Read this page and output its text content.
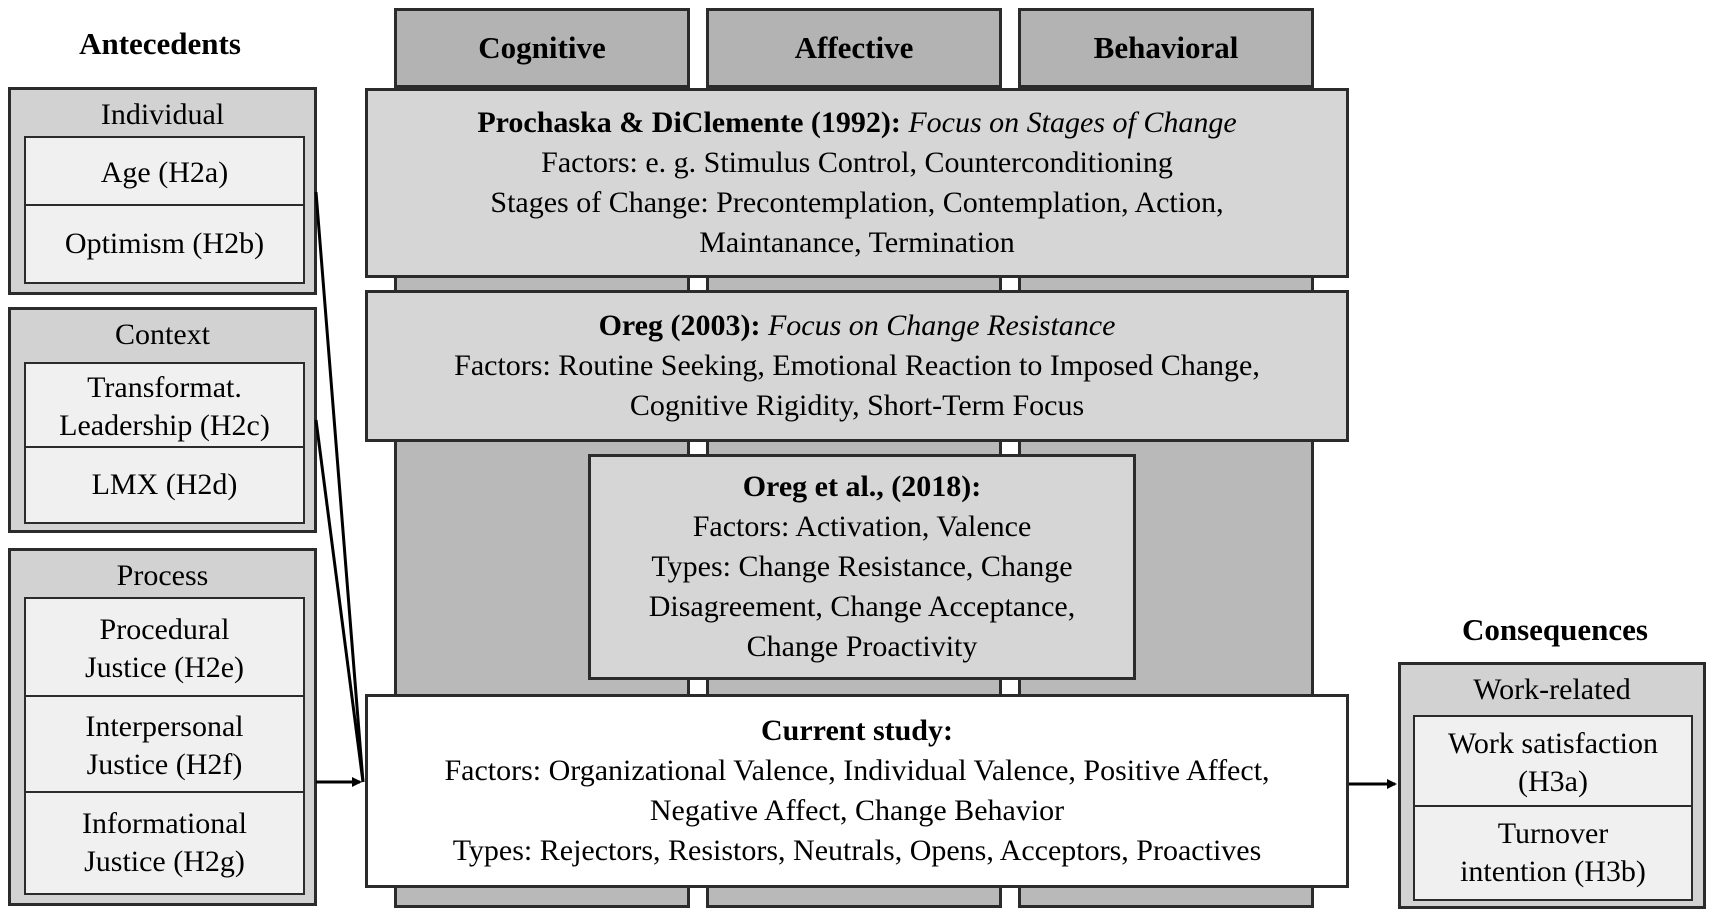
Cognitive	Affective	Behavioral
Antecedents
Consequences
Prochaska & DiClemente (1992): Focus on Stages of Change
Factors: e. g. Stimulus Control, Counterconditioning
Stages of Change: Precontemplation, Contemplation, Action,
Maintanance, Termination
Oreg (2003): Focus on Change Resistance
Factors: Routine Seeking, Emotional Reaction to Imposed Change,
Cognitive Rigidity, Short-Term Focus
Oreg et al., (2018):
Factors: Activation, Valence
Types: Change Resistance, Change
Disagreement, Change Acceptance,
Change Proactivity
Current study:
Factors: Organizational Valence, Individual Valence, Positive Affect,
Negative Affect, Change Behavior
Types: Rejectors, Resistors, Neutrals, Opens, Acceptors, Proactives
Individual
Age (H2a)
Optimism (H2b)
Context
Transformat.
Leadership (H2c)
LMX (H2d)
Process
Procedural
Justice (H2e)
Interpersonal
Justice (H2f)
Informational
Justice (H2g)
Work-related
Work satisfaction
(H3a)
Turnover
intention (H3b)
